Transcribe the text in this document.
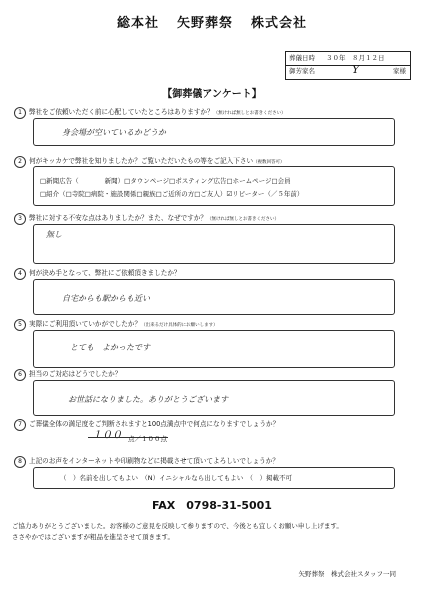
総本社 矢野葬祭 株式会社
葬儀日時 ３０年　８月１２日
御芳家名	Y	家様
【御葬儀アンケート】
1 弊社をご依頼いただく前に心配していたところはありますか？（無ければ無しとお書きください）
身会場が空いているかどうか
2 何がキッカケで弊社を知りましたか？ご覧いただいたもの等をご記入下さい（複数回答可）
□新聞広告（　　　　新聞）□タウンページ□ポスティング広告□ホームページ□会員
□紹介（□寺院□病院・施設関係□親族□ご近所の方□ご友人）☑リピーター（／５年前）
3 弊社に対する不安な点はありましたか？また、なぜですか？（無ければ無しとお書きください）
無し
4 何が決め手となって、弊社にご依頼頂きましたか？
自宅からも駅からも近い
5 実際にご利用頂いていかがでしたか？（出来るだけ具体的にお願いします）
とても　よかったです
6 担当のご対応はどうでしたか？
お世話になりました。ありがとうございます
7 ご葬儀全体の満足度をご判断されますと100点満点中で何点になりますでしょうか？
１００ 点／１００点
8 上記のお声をインターネットや印刷物などに掲載させて頂いてよろしいでしょうか？
（　）名前を出してもよい　（N）イニシャルなら出してもよい　（　）掲載不可
FAX　0798-31-5001
ご協力ありがとうございました。お客様のご意見を反映して参りますので、今後とも宜しくお願い申し上げます。
ささやかではございますが粗品を進呈させて頂きます。
矢野葬祭　株式会社スタッフ一同
